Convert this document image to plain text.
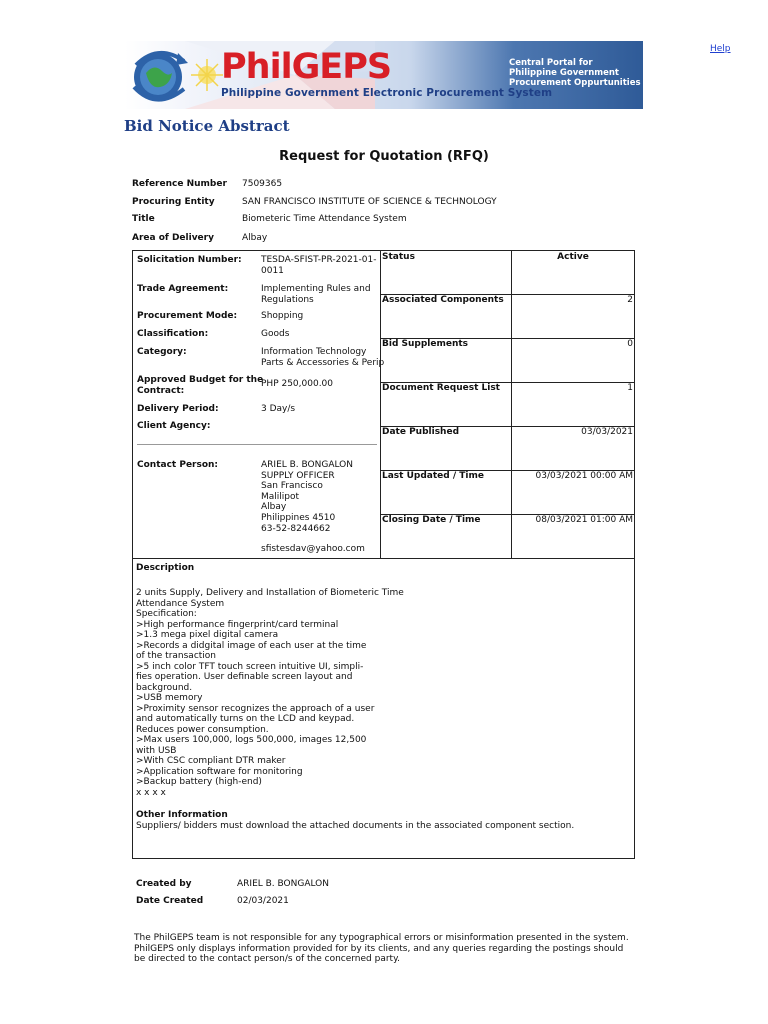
Help
PhilGEPS
Philippine Government Electronic Procurement System
Central Portal for
Philippine Government
Procurement Oppurtunities
Bid Notice Abstract
Request for Quotation (RFQ)
Reference Number 7509365
Procuring Entity	SAN FRANCISCO INSTITUTE OF SCIENCE & TECHNOLOGY
Title	Biometeric Time Attendance System
Area of Delivery	Albay
Solicitation Number: TESDA-SFIST-PR-2021-01-
0011
Trade Agreement:	Implementing Rules and
Regulations
Procurement Mode:	Shopping
Classification:	Goods
Category:	Information Technology
Parts & Accessories & Perip
Approved Budget for the
Contract:
PHP 250,000.00
Delivery Period:	3 Day/s
Client Agency:
Contact Person:	ARIEL B. BONGALON
SUPPLY OFFICER
San Francisco
Malilipot
Albay
Philippines 4510
63-52-8244662
sfistesdav@yahoo.com
Status	Active
Associated Components	2
Bid Supplements	0
Document Request List	1
Date Published	03/03/2021
Last Updated / Time	03/03/2021 00:00 AM
Closing Date / Time	08/03/2021 01:00 AM
Description
2 units Supply, Delivery and Installation of Biometeric Time
Attendance System
Specification:
>High performance fingerprint/card terminal
>1.3 mega pixel digital camera
>Records a didgital image of each user at the time
of the transaction
>5 inch color TFT touch screen intuitive UI, simpli-
fies operation. User definable screen layout and
background.
>USB memory
>Proximity sensor recognizes the approach of a user
and automatically turns on the LCD and keypad.
Reduces power consumption.
>Max users 100,000, logs 500,000, images 12,500
with USB
>With CSC compliant DTR maker
>Application software for monitoring
>Backup battery (high-end)
x x x x
Other Information
Suppliers/ bidders must download the attached documents in the associated component section.
Created by	ARIEL B. BONGALON
Date Created	02/03/2021
The PhilGEPS team is not responsible for any typographical errors or misinformation presented in the system. PhilGEPS only displays information provided for by its clients, and any queries regarding the postings should be directed to the contact person/s of the concerned party.
